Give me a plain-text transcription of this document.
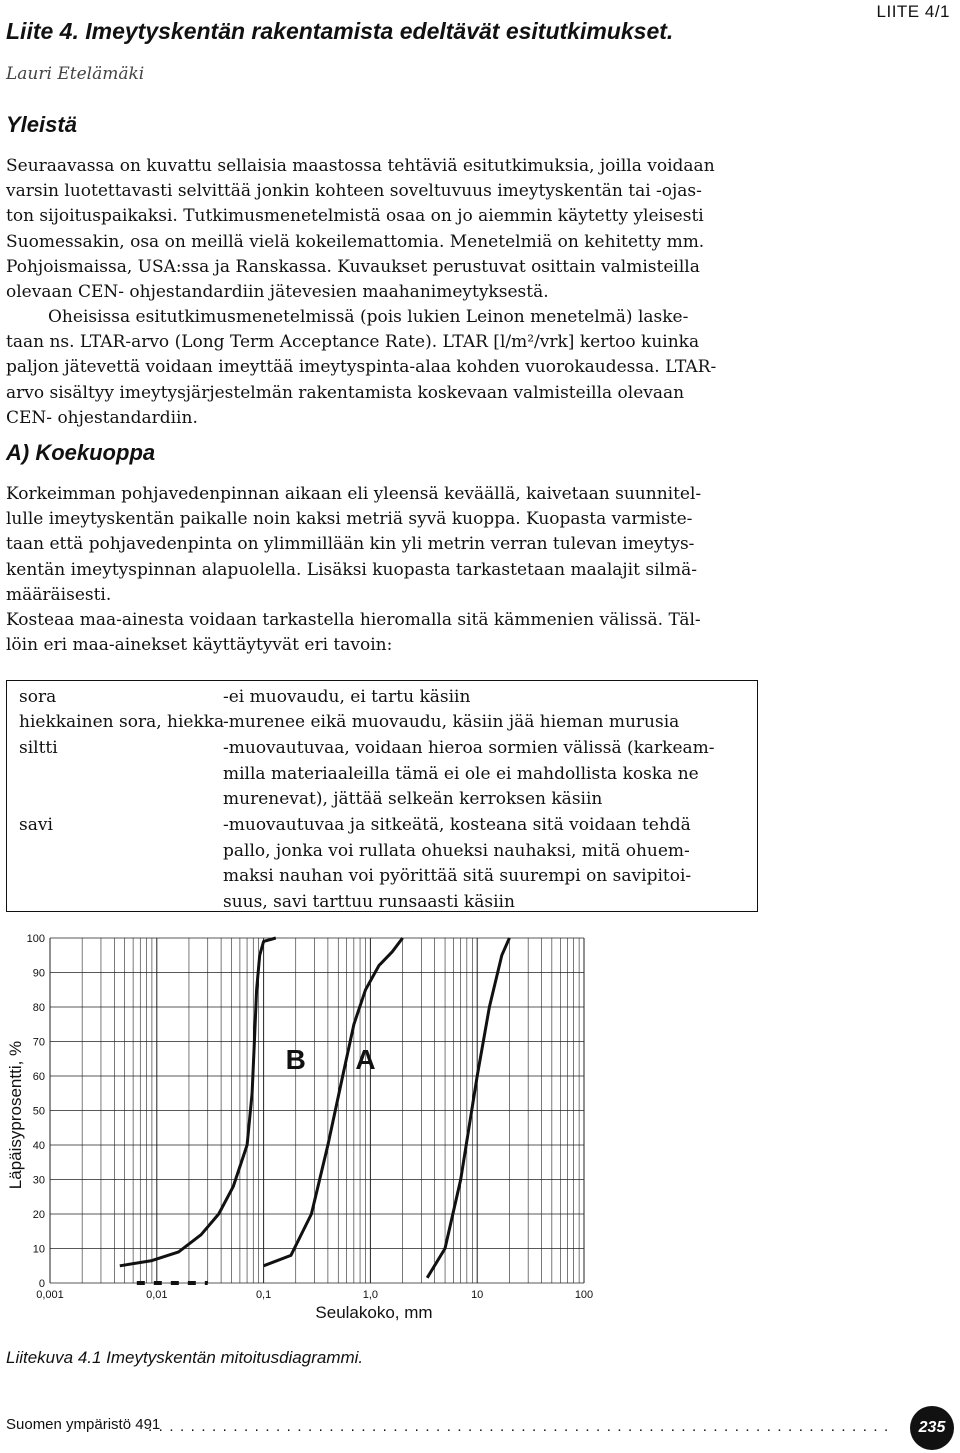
Liite 4. Imeytyskentän rakentamista edeltävät esitutkimukset.
LIITE 4/1
Lauri Etelämäki
Yleistä
Seuraavassa on kuvattu sellaisia maastossa tehtäviä esitutkimuksia, joilla voidaan
varsin luotettavasti selvittää jonkin kohteen soveltuvuus imeytyskentän tai -ojas-
ton sijoituspaikaksi. Tutkimusmenetelmistä osaa on jo aiemmin käytetty yleisesti
Suomessakin, osa on meillä vielä kokeilemattomia. Menetelmiä on kehitetty mm.
Pohjoismaissa, USA:ssa ja Ranskassa. Kuvaukset perustuvat osittain valmisteilla
olevaan CEN- ohjestandardiin jätevesien maahanimeytyksestä.
Oheisissa esitutkimusmenetelmissä (pois lukien Leinon menetelmä) laske-
taan ns. LTAR-arvo (Long Term Acceptance Rate). LTAR [l/m²/vrk] kertoo kuinka
paljon jätevettä voidaan imeyttää imeytyspinta-alaa kohden vuorokaudessa. LTAR-
arvo sisältyy imeytysjärjestelmän rakentamista koskevaan valmisteilla olevaan
CEN- ohjestandardiin.
A) Koekuoppa
Korkeimman pohjavedenpinnan aikaan eli yleensä keväällä, kaivetaan suunnitel-
lulle imeytyskentän paikalle noin kaksi metriä syvä kuoppa. Kuopasta varmiste-
taan että pohjavedenpinta on ylimmillään kin yli metrin verran tulevan imeytys-
kentän imeytyspinnan alapuolella. Lisäksi kuopasta tarkastetaan maalajit silmä-
määräisesti.
Kosteaa maa-ainesta voidaan tarkastella hieromalla sitä kämmenien välissä. Täl-
löin eri maa-ainekset käyttäytyvät eri tavoin:
sora	-ei muovaudu, ei tartu käsiin
hiekkainen sora, hiekka
-murenee eikä muovaudu, käsiin jää hieman murusia
siltti	-muovautuvaa, voidaan hieroa sormien välissä (karkeam-
milla materiaaleilla tämä ei ole ei mahdollista koska ne
murenevat), jättää selkeän kerroksen käsiin
savi	-muovautuvaa ja sitkeätä, kosteana sitä voidaan tehdä
pallo, jonka voi rullata ohueksi nauhaksi, mitä ohuem-
maksi nauhan voi pyörittää sitä suurempi on savipitoi-
suus, savi tarttuu runsaasti käsiin
0
10
20
30
40
50
60
70
80
90
100
0,001	0,01	0,1	1,0	10	100
B A
Seulakoko, mm
Läpäisyprosentti, %
Liitekuva 4.1 Imeytyskentän mitoitusdiagrammi.
Suomen ympäristö 491
......................................................................	235
